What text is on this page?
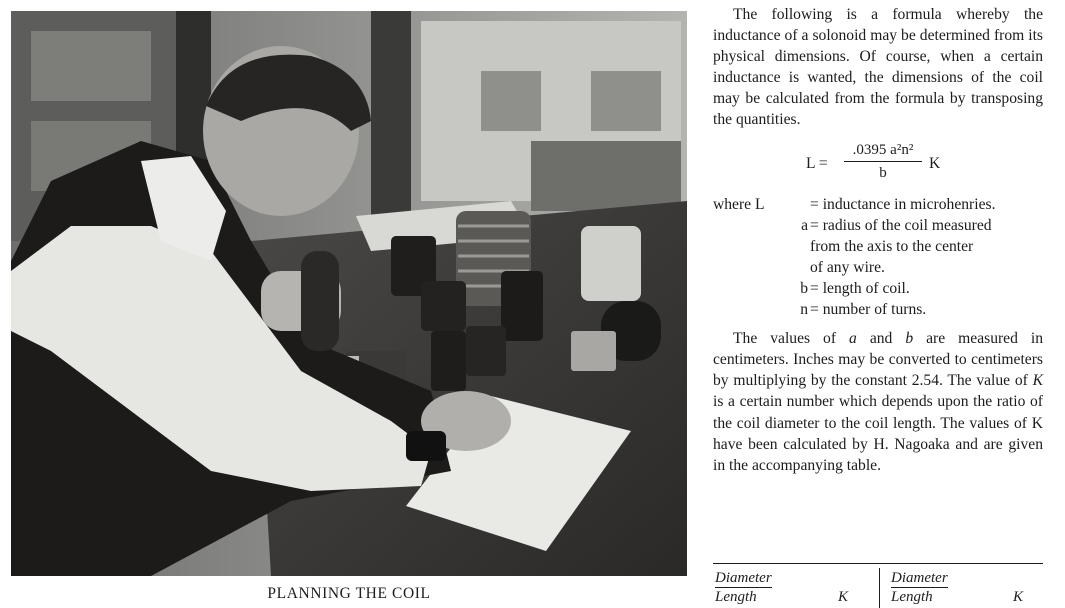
PLANNING THE COIL

The following is a formula whereby the inductance of a solonoid may be determined from its physical dimensions. Of course, when a certain inductance is wanted, the dimensions of the coil may be calculated from the formula by transposing the quantities.

$L = \frac{\text{.0395 a²n²}}{b}$ K
where L	= inductance in microhenries.
a = radius of the coil measured
from the axis to the center
of any wire.
b = length of coil.
n = number of turns.

The values of a and b are measured in centimeters. Inches may be converted to centimeters by multiplying by the constant 2.54. The value of K is a certain number which depends upon the ratio of the coil diameter to the coil length. The values of K have been calculated by H. Nagoaka and are given in the accompanying table.

Diameter
Length	K
Diameter
Length	K
